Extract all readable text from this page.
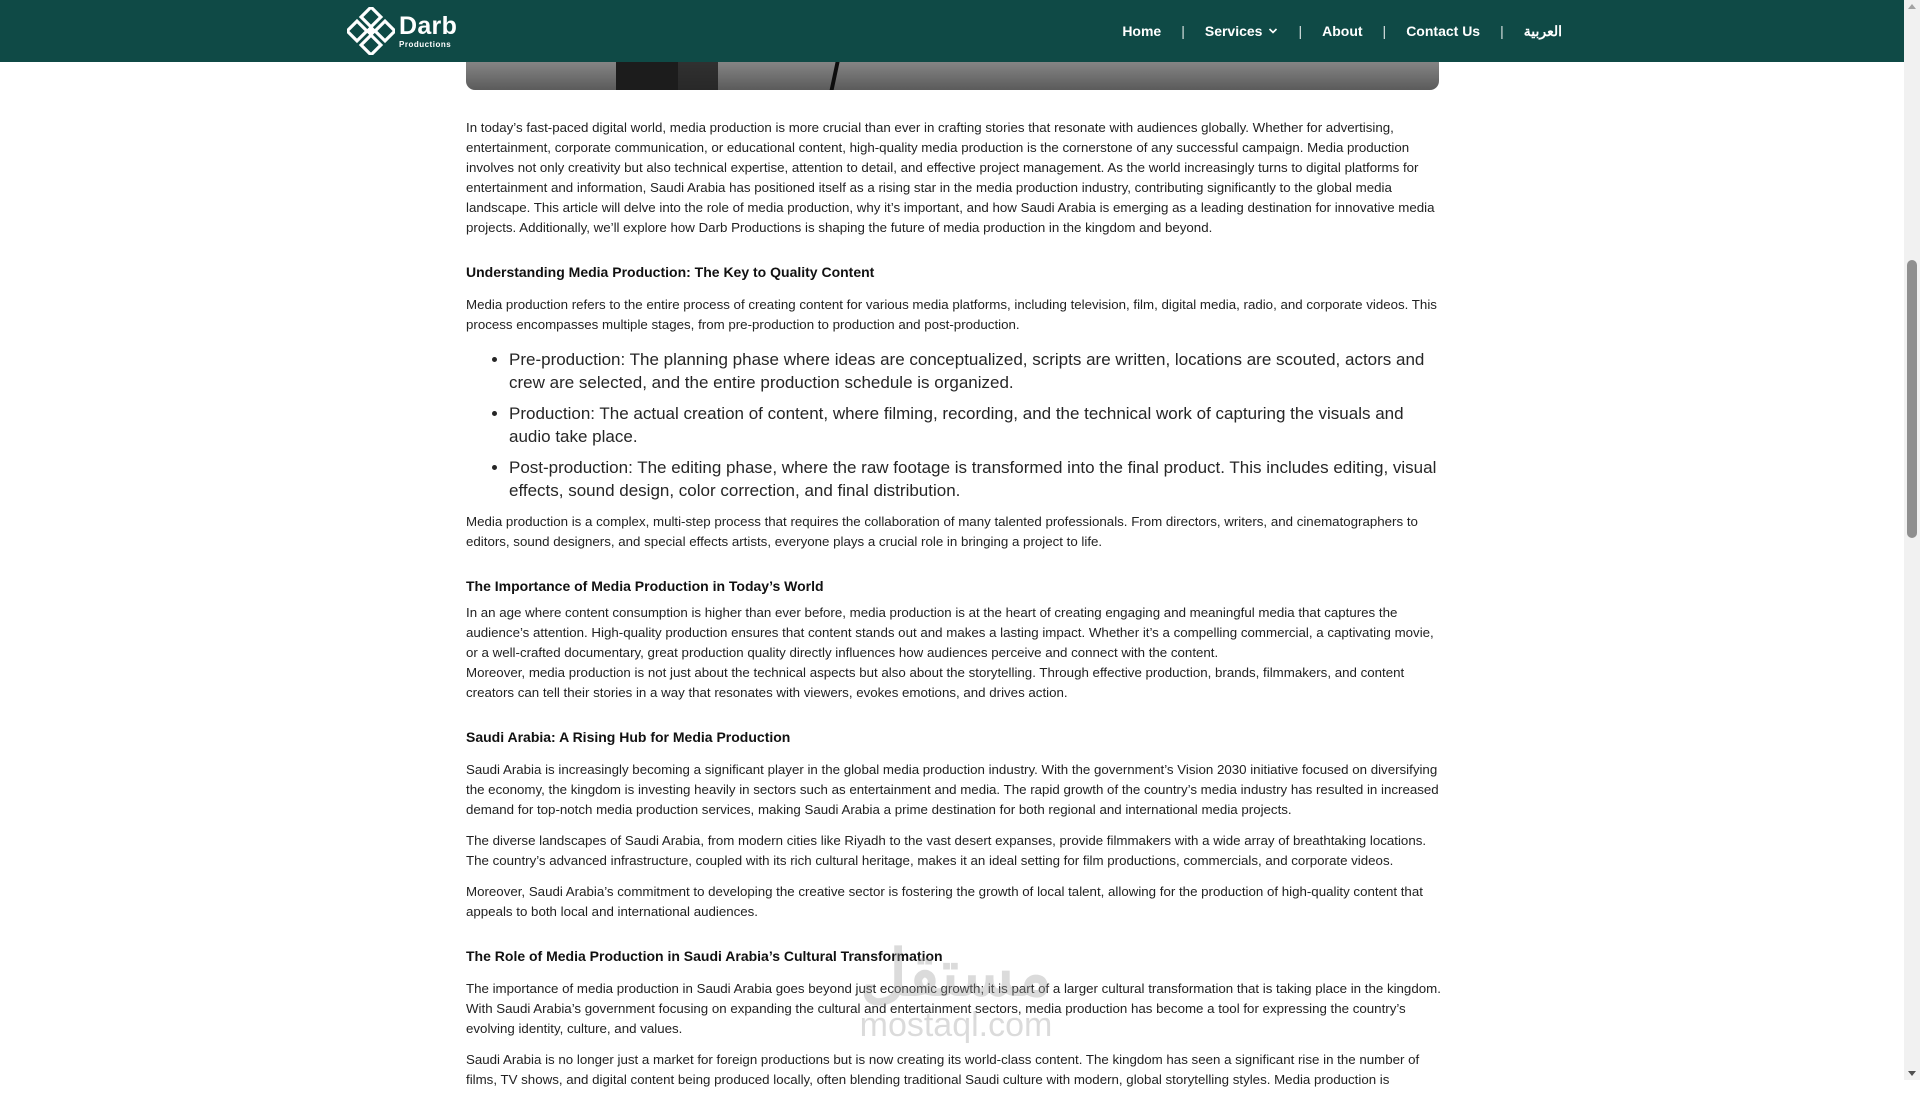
Darb
Productions
Home | Services	| About | Contact Us | العربية

In today’s fast-paced digital world, media production is more crucial than ever in crafting stories that resonate with audiences globally. Whether for advertising, entertainment, corporate communication, or educational content, high-quality media production is the cornerstone of any successful campaign. Media production involves not only creativity but also technical expertise, attention to detail, and effective project management. As the world increasingly turns to digital platforms for entertainment and information, Saudi Arabia has positioned itself as a rising star in the media production industry, contributing significantly to the global media landscape. This article will delve into the role of media production, why it’s important, and how Saudi Arabia is emerging as a leading destination for innovative media projects. Additionally, we’ll explore how Darb Productions is shaping the future of media production in the kingdom and beyond.

Understanding Media Production: The Key to Quality Content

Media production refers to the entire process of creating content for various media platforms, including television, film, digital media, radio, and corporate videos. This process encompasses multiple stages, from pre-production to production and post-production.

• Pre-production: The planning phase where ideas are conceptualized, scripts are written, locations are scouted, actors and crew are selected, and the entire production schedule is organized.
• Production: The actual creation of content, where filming, recording, and the technical work of capturing the visuals and audio take place.
• Post-production: The editing phase, where the raw footage is transformed into the final product. This includes editing, visual effects, sound design, color correction, and final distribution.

Media production is a complex, multi-step process that requires the collaboration of many talented professionals. From directors, writers, and cinematographers to editors, sound designers, and special effects artists, everyone plays a crucial role in bringing a project to life.

The Importance of Media Production in Today’s World

In an age where content consumption is higher than ever before, media production is at the heart of creating engaging and meaningful media that captures the audience’s attention. High-quality production ensures that content stands out and makes a lasting impact. Whether it’s a compelling commercial, a captivating movie, or a well-crafted documentary, great production quality directly influences how audiences perceive and connect with the content.

Moreover, media production is not just about the technical aspects but also about the storytelling. Through effective production, brands, filmmakers, and content creators can tell their stories in a way that resonates with viewers, evokes emotions, and drives action.

Saudi Arabia: A Rising Hub for Media Production

Saudi Arabia is increasingly becoming a significant player in the global media production industry. With the government’s Vision 2030 initiative focused on diversifying the economy, the kingdom is investing heavily in sectors such as entertainment and media. The rapid growth of the country’s media industry has resulted in increased demand for top-notch media production services, making Saudi Arabia a prime destination for both regional and international media projects.

The diverse landscapes of Saudi Arabia, from modern cities like Riyadh to the vast desert expanses, provide filmmakers with a wide array of breathtaking locations. The country’s advanced infrastructure, coupled with its rich cultural heritage, makes it an ideal setting for film productions, commercials, and corporate videos.

Moreover, Saudi Arabia’s commitment to developing the creative sector is fostering the growth of local talent, allowing for the production of high-quality content that appeals to both local and international audiences.

The Role of Media Production in Saudi Arabia’s Cultural Transformation

The importance of media production in Saudi Arabia goes beyond just economic growth; it is part of a larger cultural transformation that is taking place in the kingdom. With Saudi Arabia’s government focusing on expanding the cultural and entertainment sectors, media production has become a tool for expressing the country’s evolving identity, culture, and values.

Saudi Arabia is no longer just a market for foreign productions but is now creating its world-class content. The kingdom has seen a significant rise in the number of films, TV shows, and digital content being produced locally, often blending traditional Saudi culture with modern, global storytelling styles. Media production is

مستقل
mostaql.com
